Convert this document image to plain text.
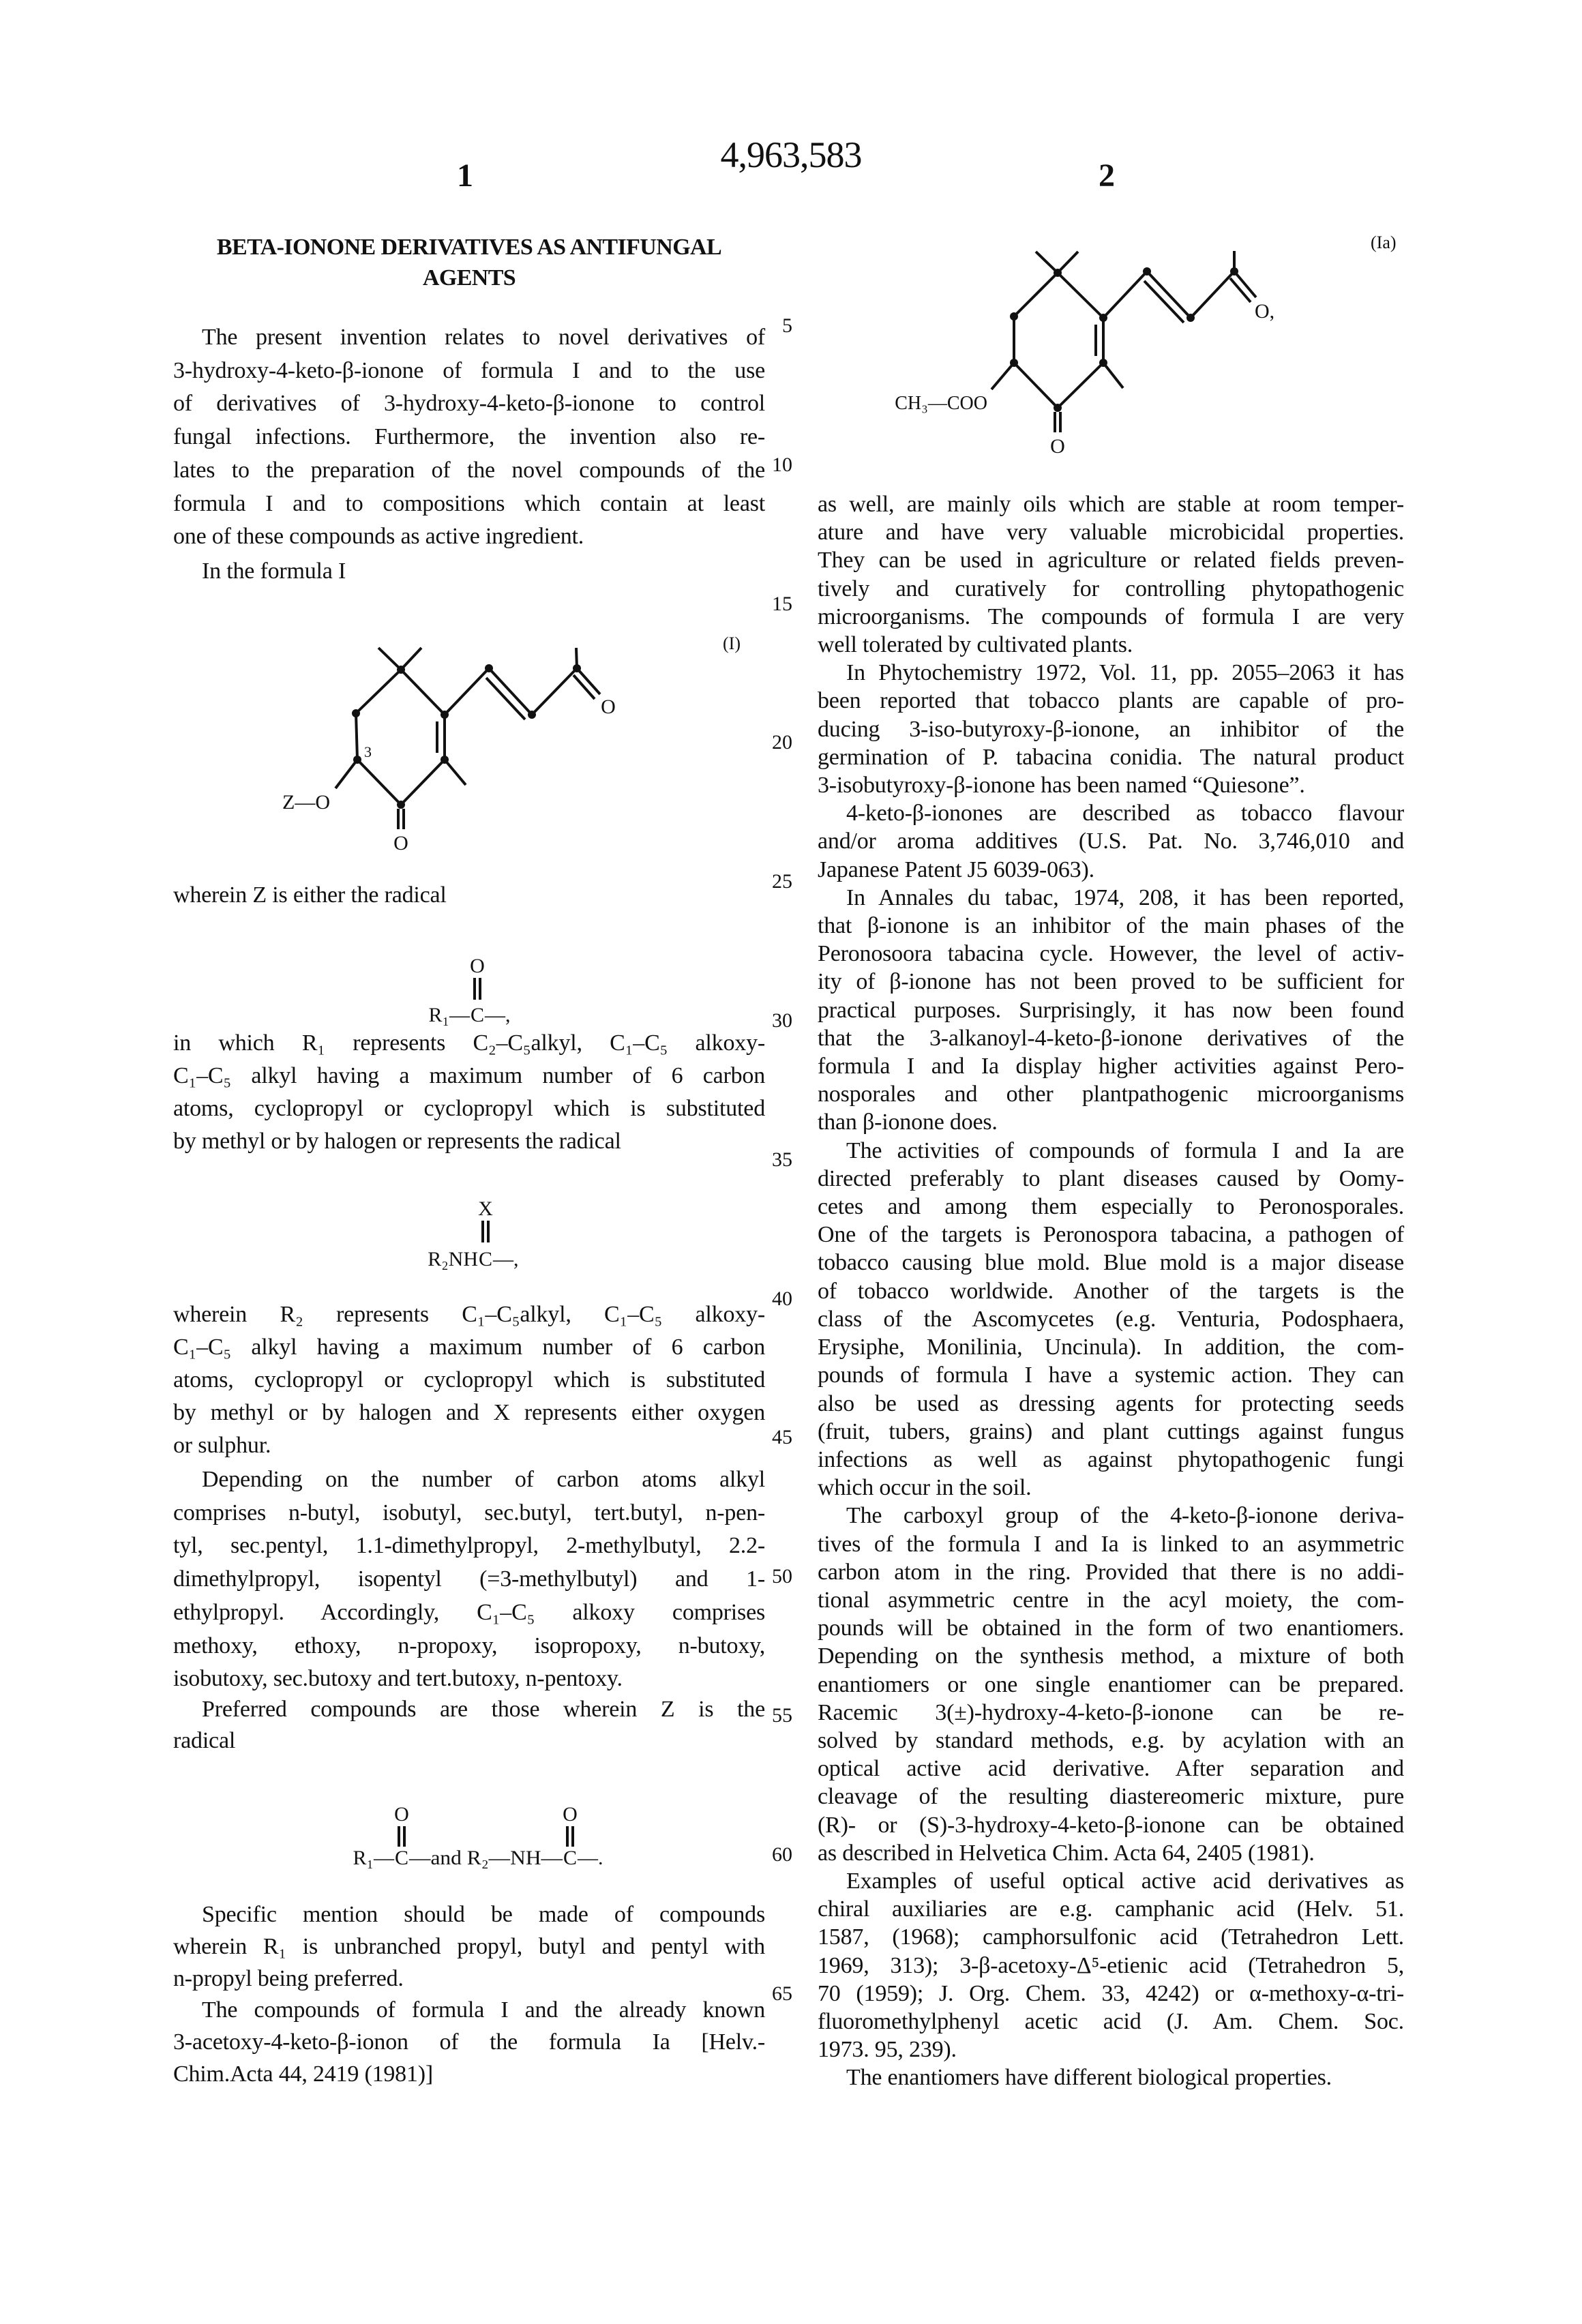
4,963,583
1	2
BETA-IONONE DERIVATIVES AS ANTIFUNGAL
AGENTS
The present invention relates to novel derivatives of
3-hydroxy-4-keto-β-ionone of formula I and to the use
of derivatives of 3-hydroxy-4-keto-β-ionone to control
fungal infections. Furthermore, the invention also re-
lates to the preparation of the novel compounds of the
formula I and to compositions which contain at least
one of these compounds as active ingredient.
In the formula I
wherein Z is either the radical
in which R₁ represents C₂–C₅alkyl, C₁–C₅ alkoxy-
C₁–C₅ alkyl having a maximum number of 6 carbon
atoms, cyclopropyl or cyclopropyl which is substituted
by methyl or by halogen or represents the radical
wherein R₂ represents C₁–C₅alkyl, C₁–C₅ alkoxy-
C₁–C₅ alkyl having a maximum number of 6 carbon
atoms, cyclopropyl or cyclopropyl which is substituted
by methyl or by halogen and X represents either oxygen
or sulphur.
Depending on the number of carbon atoms alkyl
comprises n-butyl, isobutyl, sec.butyl, tert.butyl, n-pen-
tyl, sec.pentyl, 1.1-dimethylpropyl, 2-methylbutyl, 2.2-
dimethylpropyl, isopentyl (=3-methylbutyl) and 1-
ethylpropyl. Accordingly, C₁–C₅ alkoxy comprises
methoxy, ethoxy, n-propoxy, isopropoxy, n-butoxy,
isobutoxy, sec.butoxy and tert.butoxy, n-pentoxy.
Preferred compounds are those wherein Z is the
radical
Specific mention should be made of compounds
wherein R₁ is unbranched propyl, butyl and pentyl with
n-propyl being preferred.
The compounds of formula I and the already known
3-acetoxy-4-keto-β-ionon of the formula Ia [Helv.-
Chim.Acta 44, 2419 (1981)]
as well, are mainly oils which are stable at room temper-
ature and have very valuable microbicidal properties.
They can be used in agriculture or related fields preven-
tively and curatively for controlling phytopathogenic
microorganisms. The compounds of formula I are very
well tolerated by cultivated plants.
In Phytochemistry 1972, Vol. 11, pp. 2055–2063 it has
been reported that tobacco plants are capable of pro-
ducing 3-iso-butyroxy-β-ionone, an inhibitor of the
germination of P. tabacina conidia. The natural product
3-isobutyroxy-β-ionone has been named “Quiesone”.
4-keto-β-ionones are described as tobacco flavour
and/or aroma additives (U.S. Pat. No. 3,746,010 and
Japanese Patent J5 6039-063).
In Annales du tabac, 1974, 208, it has been reported,
that β-ionone is an inhibitor of the main phases of the
Peronosoora tabacina cycle. However, the level of activ-
ity of β-ionone has not been proved to be sufficient for
practical purposes. Surprisingly, it has now been found
that the 3-alkanoyl-4-keto-β-ionone derivatives of the
formula I and Ia display higher activities against Pero-
nosporales and other plantpathogenic microorganisms
than β-ionone does.
The activities of compounds of formula I and Ia are
directed preferably to plant diseases caused by Oomy-
cetes and among them especially to Peronosporales.
One of the targets is Peronospora tabacina, a pathogen of
tobacco causing blue mold. Blue mold is a major disease
of tobacco worldwide. Another of the targets is the
class of the Ascomycetes (e.g. Venturia, Podosphaera,
Erysiphe, Monilinia, Uncinula). In addition, the com-
pounds of formula I have a systemic action. They can
also be used as dressing agents for protecting seeds
(fruit, tubers, grains) and plant cuttings against fungus
infections as well as against phytopathogenic fungi
which occur in the soil.
The carboxyl group of the 4-keto-β-ionone deriva-
tives of the formula I and Ia is linked to an asymmetric
carbon atom in the ring. Provided that there is no addi-
tional asymmetric centre in the acyl moiety, the com-
pounds will be obtained in the form of two enantiomers.
Depending on the synthesis method, a mixture of both
enantiomers or one single enantiomer can be prepared.
Racemic 3(±)-hydroxy-4-keto-β-ionone can be re-
solved by standard methods, e.g. by acylation with an
optical active acid derivative. After separation and
cleavage of the resulting diastereomeric mixture, pure
(R)- or (S)-3-hydroxy-4-keto-β-ionone can be obtained
as described in Helvetica Chim. Acta 64, 2405 (1981).
Examples of useful optical active acid derivatives as
chiral auxiliaries are e.g. camphanic acid (Helv. 51.
1587, (1968); camphorsulfonic acid (Tetrahedron Lett.
1969, 313); 3-β-acetoxy-Δ⁵-etienic acid (Tetrahedron 5,
70 (1959); J. Org. Chem. 33, 4242) or α-methoxy-α-tri-
fluoromethylphenyl acetic acid (J. Am. Chem. Soc.
1973. 95, 239).
The enantiomers have different biological properties.
5
10
15
20
25
30
35
40
45
50
55
60
65
3
Z—O
O
O
(I)
CH₃—COO
O
O,
(Ia)
O
R₁— C —,
X
R₂NH C —,
O	O
R₁— C —and R₂—NH— C —.
